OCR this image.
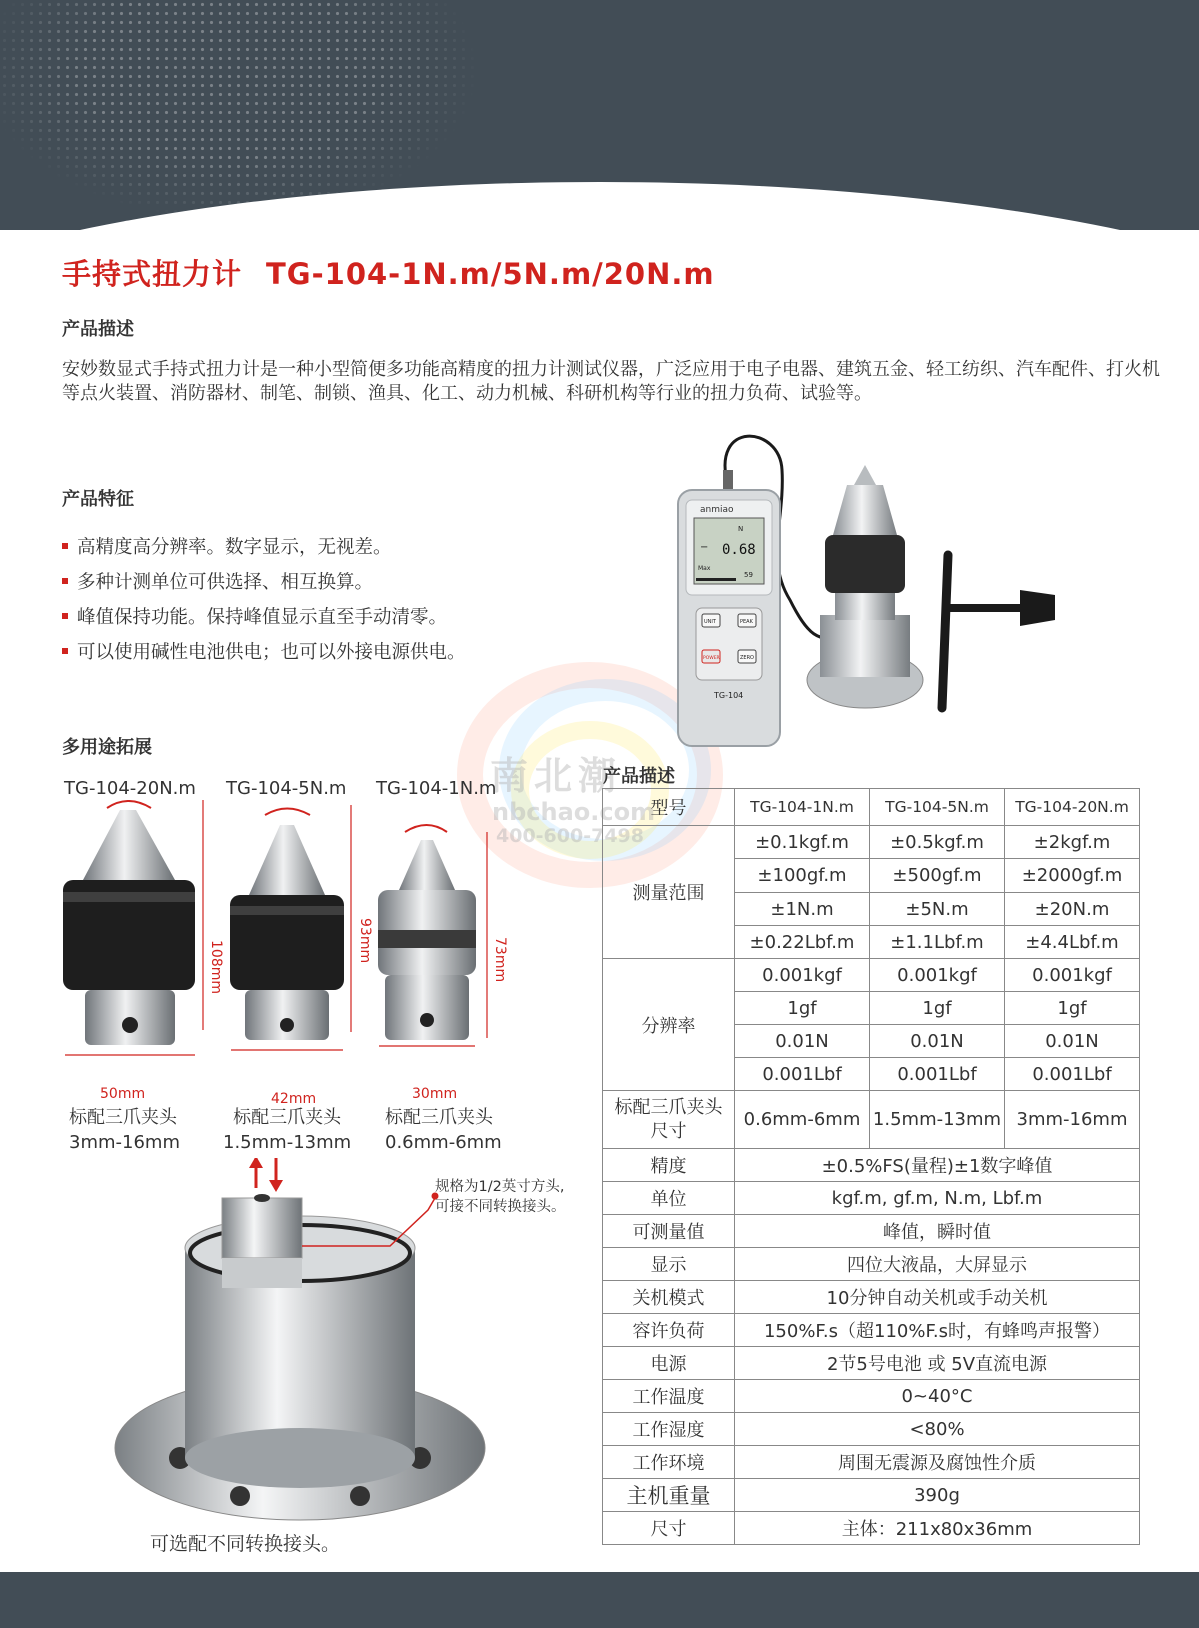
手持式扭力计 TG-104-1N.m/5N.m/20N.m
产品描述
安妙数显式手持式扭力计是一种小型简便多功能高精度的扭力计测试仪器，广泛应用于电子电器、建筑五金、轻工纺织、汽车配件、打火机等点火装置、消防器材、制笔、制锁、渔具、化工、动力机械、科研机构等行业的扭力负荷、试验等。
产品特征
高精度高分辨率。数字显示，无视差。
多种计测单位可供选择、相互换算。
峰值保持功能。保持峰值显示直至手动清零。
可以使用碱性电池供电；也可以外接电源供电。
南北潮
nbchao.com
400-600-7498
anmiao
N
− 0.68
Max
59
UNIT	PEAK
POWER	ZERO
TG-104
多用途拓展
TG-104-20N.m TG-104-5N.m TG-104-1N.m
50mm	42mm	30mm
108mm	93mm	73mm
标配三爪夹头
3mm-16mm
标配三爪夹头
1.5mm-13mm
标配三爪夹头
0.6mm-6mm
规格为1/2英寸方头,
可接不同转换接头。
可选配不同转换接头。
产品描述
型号	TG-104-1N.m	TG-104-5N.m	TG-104-20N.m
测量范围	±0.1kgf.m	±0.5kgf.m	±2kgf.m
	±100gf.m	±500gf.m	±2000gf.m
	±1N.m	±5N.m	±20N.m
	±0.22Lbf.m	±1.1Lbf.m	±4.4Lbf.m
分辨率	0.001kgf	0.001kgf	0.001kgf
	1gf	1gf	1gf
	0.01N	0.01N	0.01N
	0.001Lbf	0.001Lbf	0.001Lbf

标配三爪夹头
尺寸	0.6mm-6mm	1.5mm-13mm	3mm-16mm
精度	±0.5%FS(量程)±1数字峰值		
单位	kgf.m, gf.m, N.m, Lbf.m		
可测量值	峰值，瞬时值		
显示	四位大液晶，大屏显示		
关机模式	10分钟自动关机或手动关机		
容许负荷	150%F.s（超110%F.s时，有蜂鸣声报警）		
电源	2节5号电池 或 5V直流电源		
工作温度	0~40°C		
工作湿度	<80%		
工作环境	周围无震源及腐蚀性介质		
主机重量	390g		
尺寸	主体：211x80x36mm		
